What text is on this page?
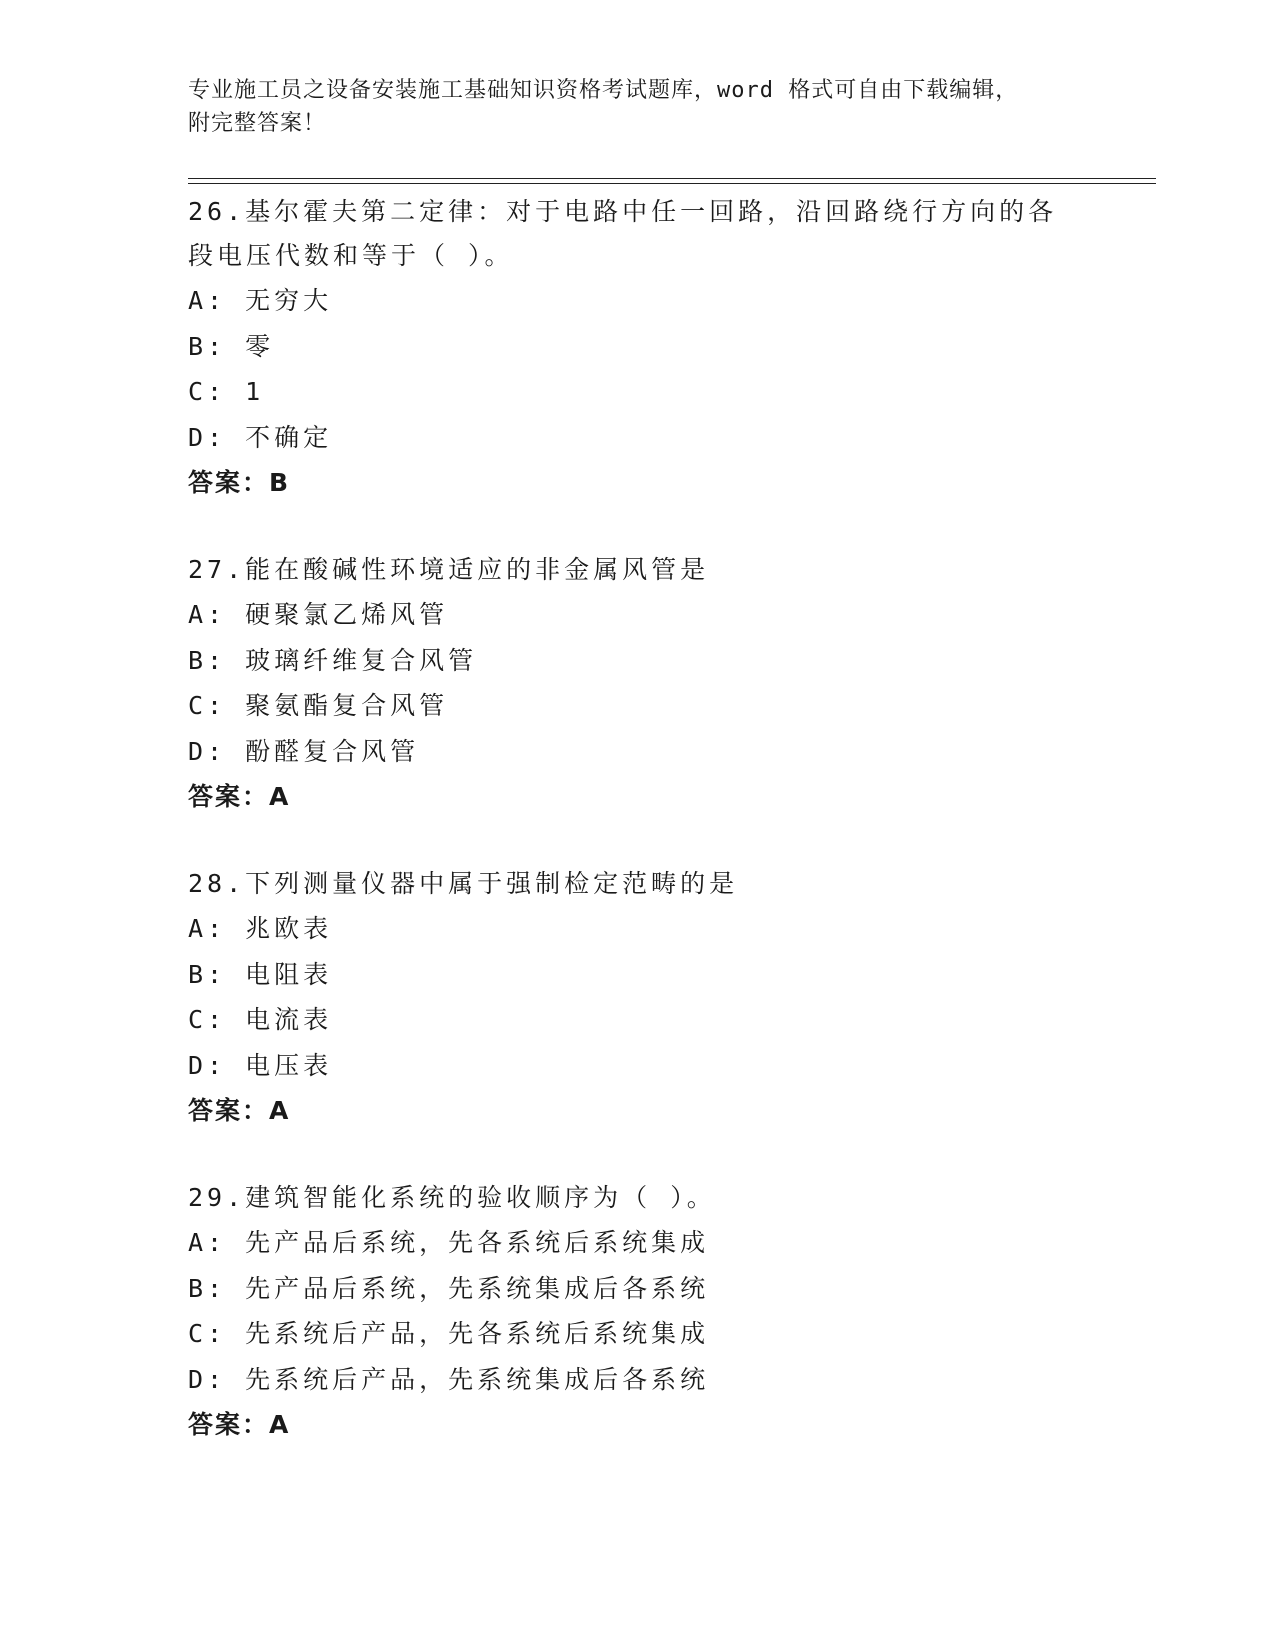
专业施工员之设备安装施工基础知识资格考试题库，word 格式可自由下载编辑，
附完整答案！
26.基尔霍夫第二定律：对于电路中任一回路，沿回路绕行方向的各段电压代数和等于（ ）。
A: 无穷大
B: 零
C: 1
D: 不确定
答案：B
27.能在酸碱性环境适应的非金属风管是
A: 硬聚氯乙烯风管
B: 玻璃纤维复合风管
C: 聚氨酯复合风管
D: 酚醛复合风管
答案：A
28.下列测量仪器中属于强制检定范畴的是
A: 兆欧表
B: 电阻表
C: 电流表
D: 电压表
答案：A
29.建筑智能化系统的验收顺序为（ ）。
A: 先产品后系统，先各系统后系统集成
B: 先产品后系统，先系统集成后各系统
C: 先系统后产品，先各系统后系统集成
D: 先系统后产品，先系统集成后各系统
答案：A
